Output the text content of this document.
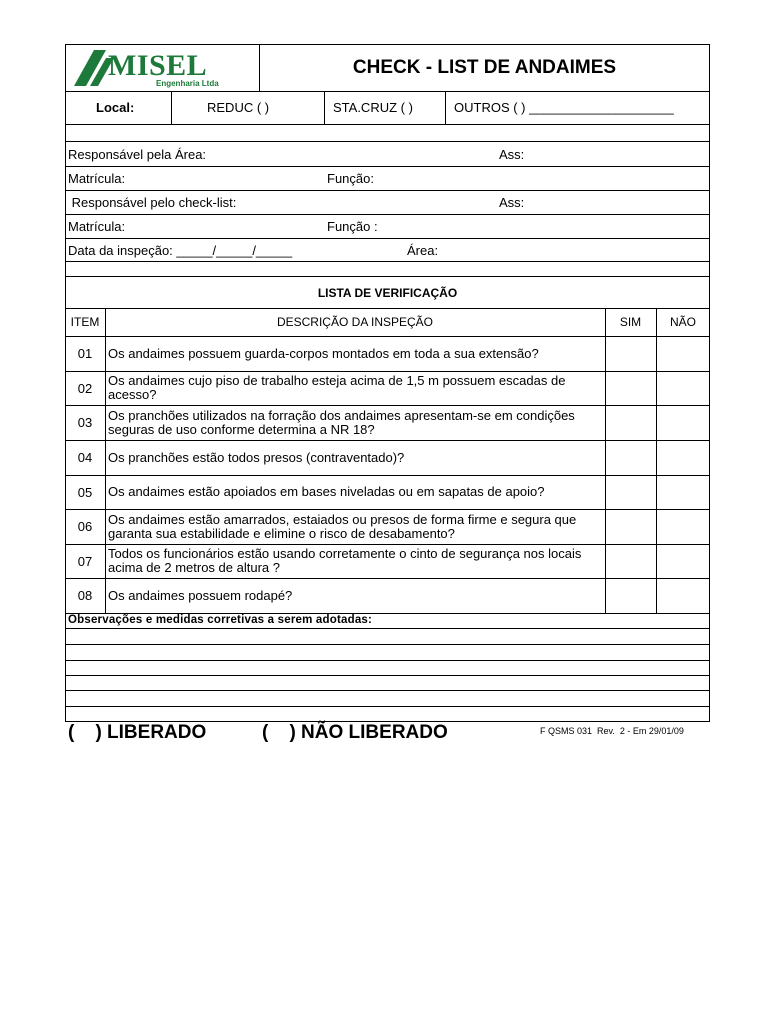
MISEL
Engenharia Ltda
CHECK - LIST DE ANDAIMES
Local:	REDUC ( )	STA.CRUZ ( )	OUTROS ( ) ____________________
Responsável pela Área:	Ass:
Matrícula:	Função:
Responsável pelo check-list:	Ass:
Matrícula:	Função :
Data da inspeção: _____/_____/_____	Área:
LISTA DE VERIFICAÇÃO
ITEM	DESCRIÇÃO DA INSPEÇÃO	SIM	NÃO
01	Os andaimes possuem guarda-corpos montados em toda a sua extensão?
02	Os andaimes cujo piso de trabalho esteja acima de 1,5 m possuem escadas de acesso?
03	Os pranchões utilizados na forração dos andaimes apresentam-se em condições seguras de uso conforme determina a NR 18?
04	Os pranchões estão todos presos (contraventado)?
05	Os andaimes estão apoiados em bases niveladas ou em sapatas de apoio?
06	Os andaimes estão amarrados, estaiados ou presos de forma firme e segura que garanta sua estabilidade e elimine o risco de desabamento?
07	Todos os funcionários estão usando corretamente o cinto de segurança nos locais acima de 2 metros de altura ?
08	Os andaimes possuem rodapé?
Observações e medidas corretivas a serem adotadas:
(    ) LIBERADO	(    ) NÃO LIBERADO	F QSMS 031  Rev.  2 - Em 29/01/09
